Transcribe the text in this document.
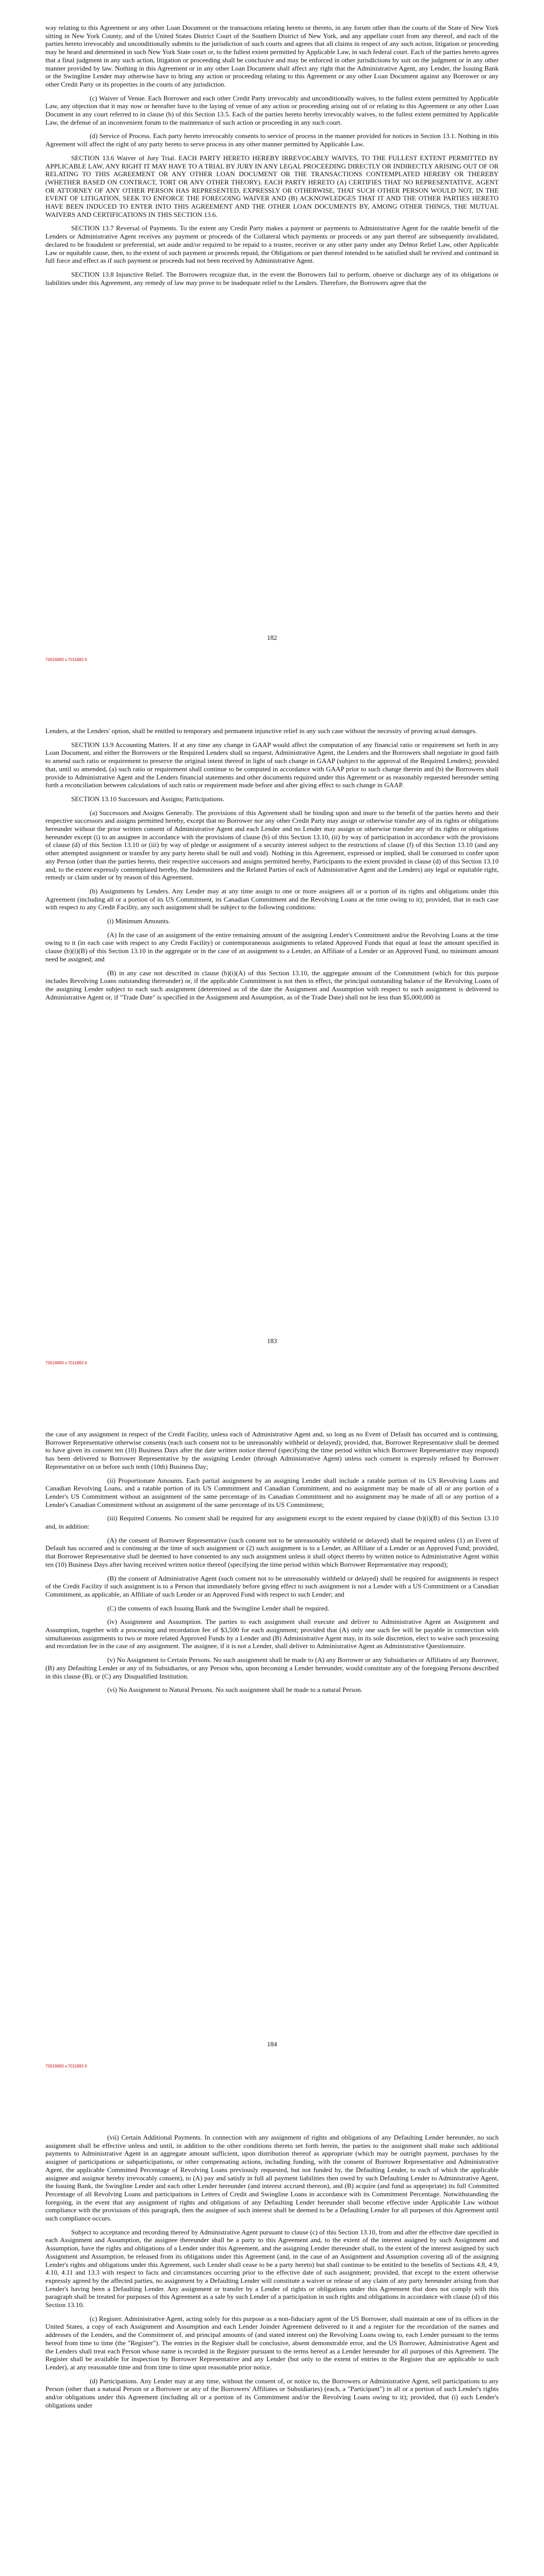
way relating to this Agreement or any other Loan Document or the transactions relating hereto or thereto, in any forum other than the courts of the State of New York sitting in New York County, and of the United States District Court of the Southern District of New York, and any appellate court from any thereof, and each of the parties hereto irrevocably and unconditionally submits to the jurisdiction of such courts and agrees that all claims in respect of any such action, litigation or proceeding may be heard and determined in such New York State court or, to the fullest extent permitted by Applicable Law, in such federal court. Each of the parties hereto agrees that a final judgment in any such action, litigation or proceeding shall be conclusive and may be enforced in other jurisdictions by suit on the judgment or in any other manner provided by law. Nothing in this Agreement or in any other Loan Document shall affect any right that the Administrative Agent, any Lender, the Issuing Bank or the Swingline Lender may otherwise have to bring any action or proceeding relating to this Agreement or any other Loan Document against any Borrower or any other Credit Party or its properties in the courts of any jurisdiction.

(c) Waiver of Venue. Each Borrower and each other Credit Party irrevocably and unconditionally waives, to the fullest extent permitted by Applicable Law, any objection that it may now or hereafter have to the laying of venue of any action or proceeding arising out of or relating to this Agreement or any other Loan Document in any court referred to in clause (b) of this Section 13.5. Each of the parties hereto hereby irrevocably waives, to the fullest extent permitted by Applicable Law, the defense of an inconvenient forum to the maintenance of such action or proceeding in any such court.

(d) Service of Process. Each party hereto irrevocably consents to service of process in the manner provided for notices in Section 13.1. Nothing in this Agreement will affect the right of any party hereto to serve process in any other manner permitted by Applicable Law.

SECTION 13.6 Waiver of Jury Trial. EACH PARTY HERETO HEREBY IRREVOCABLY WAIVES, TO THE FULLEST EXTENT PERMITTED BY APPLICABLE LAW, ANY RIGHT IT MAY HAVE TO A TRIAL BY JURY IN ANY LEGAL PROCEEDING DIRECTLY OR INDIRECTLY ARISING OUT OF OR RELATING TO THIS AGREEMENT OR ANY OTHER LOAN DOCUMENT OR THE TRANSACTIONS CONTEMPLATED HEREBY OR THEREBY (WHETHER BASED ON CONTRACT, TORT OR ANY OTHER THEORY). EACH PARTY HERETO (A) CERTIFIES THAT NO REPRESENTATIVE, AGENT OR ATTORNEY OF ANY OTHER PERSON HAS REPRESENTED, EXPRESSLY OR OTHERWISE, THAT SUCH OTHER PERSON WOULD NOT, IN THE EVENT OF LITIGATION, SEEK TO ENFORCE THE FOREGOING WAIVER AND (B) ACKNOWLEDGES THAT IT AND THE OTHER PARTIES HERETO HAVE BEEN INDUCED TO ENTER INTO THIS AGREEMENT AND THE OTHER LOAN DOCUMENTS BY, AMONG OTHER THINGS, THE MUTUAL WAIVERS AND CERTIFICATIONS IN THIS SECTION 13.6.

SECTION 13.7 Reversal of Payments. To the extent any Credit Party makes a payment or payments to Administrative Agent for the ratable benefit of the Lenders or Administrative Agent receives any payment or proceeds of the Collateral which payments or proceeds or any part thereof are subsequently invalidated, declared to be fraudulent or preferential, set aside and/or required to be repaid to a trustee, receiver or any other party under any Debtor Relief Law, other Applicable Law or equitable cause, then, to the extent of such payment or proceeds repaid, the Obligations or part thereof intended to be satisfied shall be revived and continued in full force and effect as if such payment or proceeds had not been received by Administrative Agent.

SECTION 13.8 Injunctive Relief. The Borrowers recognize that, in the event the Borrowers fail to perform, observe or discharge any of its obligations or liabilities under this Agreement, any remedy of law may prove to be inadequate relief to the Lenders. Therefore, the Borrowers agree that the

182
70016883 v.7011883 6

Lenders, at the Lenders' option, shall be entitled to temporary and permanent injunctive relief in any such case without the necessity of proving actual damages.

SECTION 13.9 Accounting Matters. If at any time any change in GAAP would affect the computation of any financial ratio or requirement set forth in any Loan Document, and either the Borrowers or the Required Lenders shall so request, Administrative Agent, the Lenders and the Borrowers shall negotiate in good faith to amend such ratio or requirement to preserve the original intent thereof in light of such change in GAAP (subject to the approval of the Required Lenders); provided that, until so amended, (a) such ratio or requirement shall continue to be computed in accordance with GAAP prior to such change therein and (b) the Borrowers shall provide to Administrative Agent and the Lenders financial statements and other documents required under this Agreement or as reasonably requested hereunder setting forth a reconciliation between calculations of such ratio or requirement made before and after giving effect to such change in GAAP.

SECTION 13.10 Successors and Assigns; Participations.

(a) Successors and Assigns Generally. The provisions of this Agreement shall be binding upon and inure to the benefit of the parties hereto and their respective successors and assigns permitted hereby, except that no Borrower nor any other Credit Party may assign or otherwise transfer any of its rights or obligations hereunder without the prior written consent of Administrative Agent and each Lender and no Lender may assign or otherwise transfer any of its rights or obligations hereunder except (i) to an assignee in accordance with the provisions of clause (b) of this Section 13.10, (ii) by way of participation in accordance with the provisions of clause (d) of this Section 13.10 or (iii) by way of pledge or assignment of a security interest subject to the restrictions of clause (f) of this Section 13.10 (and any other attempted assignment or transfer by any party hereto shall be null and void). Nothing in this Agreement, expressed or implied, shall be construed to confer upon any Person (other than the parties hereto, their respective successors and assigns permitted hereby, Participants to the extent provided in clause (d) of this Section 13.10 and, to the extent expressly contemplated hereby, the Indemnitees and the Related Parties of each of Administrative Agent and the Lenders) any legal or equitable right, remedy or claim under or by reason of this Agreement.

(b) Assignments by Lenders. Any Lender may at any time assign to one or more assignees all or a portion of its rights and obligations under this Agreement (including all or a portion of its US Commitment, its Canadian Commitment and the Revolving Loans at the time owing to it); provided, that in each case with respect to any Credit Facility, any such assignment shall be subject to the following conditions:

(i) Minimum Amounts.

(A) In the case of an assignment of the entire remaining amount of the assigning Lender's Commitment and/or the Revolving Loans at the time owing to it (in each case with respect to any Credit Facility) or contemporaneous assignments to related Approved Funds that equal at least the amount specified in clause (b)(i)(B) of this Section 13.10 in the aggregate or in the case of an assignment to a Lender, an Affiliate of a Lender or an Approved Fund, no minimum amount need be assigned; and

(B) in any case not described in clause (b)(i)(A) of this Section 13.10, the aggregate amount of the Commitment (which for this purpose includes Revolving Loans outstanding thereunder) or, if the applicable Commitment is not then in effect, the principal outstanding balance of the Revolving Loans of the assigning Lender subject to each such assignment (determined as of the date the Assignment and Assumption with respect to such assignment is delivered to Administrative Agent or, if "Trade Date" is specified in the Assignment and Assumption, as of the Trade Date) shall not be less than $5,000,000 in

183
70016883 v.7011883 6

the case of any assignment in respect of the Credit Facility, unless each of Administrative Agent and, so long as no Event of Default has occurred and is continuing, Borrower Representative otherwise consents (each such consent not to be unreasonably withheld or delayed); provided, that, Borrower Representative shall be deemed to have given its consent ten (10) Business Days after the date written notice thereof (specifying the time period within which Borrower Representative may respond) has been delivered to Borrower Representative by the assigning Lender (through Administrative Agent) unless such consent is expressly refused by Borrower Representative on or before such tenth (10th) Business Day;

(ii) Proportionate Amounts. Each partial assignment by an assigning Lender shall include a ratable portion of its US Revolving Loans and Canadian Revolving Loans, and a ratable portion of its US Commitment and Canadian Commitment, and no assignment may be made of all or any portion of a Lender's US Commitment without an assignment of the same percentage of its Canadian Commitment and no assignment may be made of all or any portion of a Lender's Canadian Commitment without an assignment of the same percentage of its US Commitment;

(iii) Required Consents. No consent shall be required for any assignment except to the extent required by clause (b)(i)(B) of this Section 13.10 and, in addition:

(A) the consent of Borrower Representative (such consent not to be unreasonably withheld or delayed) shall be required unless (1) an Event of Default has occurred and is continuing at the time of such assignment or (2) such assignment is to a Lender, an Affiliate of a Lender or an Approved Fund; provided, that Borrower Representative shall be deemed to have consented to any such assignment unless it shall object thereto by written notice to Administrative Agent within ten (10) Business Days after having received written notice thereof (specifying the time period within which Borrower Representative may respond);

(B) the consent of Administrative Agent (such consent not to be unreasonably withheld or delayed) shall be required for assignments in respect of the Credit Facility if such assignment is to a Person that immediately before giving effect to such assignment is not a Lender with a US Commitment or a Canadian Commitment, as applicable, an Affiliate of such Lender or an Approved Fund with respect to such Lender; and

(C) the consents of each Issuing Bank and the Swingline Lender shall be required.

(iv) Assignment and Assumption. The parties to each assignment shall execute and deliver to Administrative Agent an Assignment and Assumption, together with a processing and recordation fee of $3,500 for each assignment; provided that (A) only one such fee will be payable in connection with simultaneous assignments to two or more related Approved Funds by a Lender and (B) Administrative Agent may, in its sole discretion, elect to waive such processing and recordation fee in the case of any assignment. The assignee, if it is not a Lender, shall deliver to Administrative Agent an Administrative Questionnaire.

(v) No Assignment to Certain Persons. No such assignment shall be made to (A) any Borrower or any Subsidiaries or Affiliates of any Borrower, (B) any Defaulting Lender or any of its Subsidiaries, or any Person who, upon becoming a Lender hereunder, would constitute any of the foregoing Persons described in this clause (B), or (C) any Disqualified Institution.

(vi) No Assignment to Natural Persons. No such assignment shall be made to a natural Person.

184
70016883 v.7011883 6

(vii) Certain Additional Payments. In connection with any assignment of rights and obligations of any Defaulting Lender hereunder, no such assignment shall be effective unless and until, in addition to the other conditions thereto set forth herein, the parties to the assignment shall make such additional payments to Administrative Agent in an aggregate amount sufficient, upon distribution thereof as appropriate (which may be outright payment, purchases by the assignee of participations or subparticipations, or other compensating actions, including funding, with the consent of Borrower Representative and Administrative Agent, the applicable Committed Percentage of Revolving Loans previously requested, but not funded by, the Defaulting Lender, to each of which the applicable assignee and assignor hereby irrevocably consent), to (A) pay and satisfy in full all payment liabilities then owed by such Defaulting Lender to Administrative Agent, the Issuing Bank, the Swingline Lender and each other Lender hereunder (and interest accrued thereon), and (B) acquire (and fund as appropriate) its full Committed Percentage of all Revolving Loans and participations in Letters of Credit and Swingline Loans in accordance with its Commitment Percentage. Notwithstanding the foregoing, in the event that any assignment of rights and obligations of any Defaulting Lender hereunder shall become effective under Applicable Law without compliance with the provisions of this paragraph, then the assignee of such interest shall be deemed to be a Defaulting Lender for all purposes of this Agreement until such compliance occurs.

Subject to acceptance and recording thereof by Administrative Agent pursuant to clause (c) of this Section 13.10, from and after the effective date specified in each Assignment and Assumption, the assignee thereunder shall be a party to this Agreement and, to the extent of the interest assigned by such Assignment and Assumption, have the rights and obligations of a Lender under this Agreement, and the assigning Lender thereunder shall, to the extent of the interest assigned by such Assignment and Assumption, be released from its obligations under this Agreement (and, in the case of an Assignment and Assumption covering all of the assigning Lender's rights and obligations under this Agreement, such Lender shall cease to be a party hereto) but shall continue to be entitled to the benefits of Sections 4.8, 4.9, 4.10, 4.11 and 13.3 with respect to facts and circumstances occurring prior to the effective date of such assignment; provided, that except to the extent otherwise expressly agreed by the affected parties, no assignment by a Defaulting Lender will constitute a waiver or release of any claim of any party hereunder arising from that Lender's having been a Defaulting Lender. Any assignment or transfer by a Lender of rights or obligations under this Agreement that does not comply with this paragraph shall be treated for purposes of this Agreement as a sale by such Lender of a participation in such rights and obligations in accordance with clause (d) of this Section 13.10.

(c) Register. Administrative Agent, acting solely for this purpose as a non-fiduciary agent of the US Borrower, shall maintain at one of its offices in the United States, a copy of each Assignment and Assumption and each Lender Joinder Agreement delivered to it and a register for the recordation of the names and addresses of the Lenders, and the Commitment of, and principal amounts of (and stated interest on) the Revolving Loans owing to, each Lender pursuant to the terms hereof from time to time (the "Register"). The entries in the Register shall be conclusive, absent demonstrable error, and the US Borrower, Administrative Agent and the Lenders shall treat each Person whose name is recorded in the Register pursuant to the terms hereof as a Lender hereunder for all purposes of this Agreement. The Register shall be available for inspection by Borrower Representative and any Lender (but only to the extent of entries in the Register that are applicable to such Lender), at any reasonable time and from time to time upon reasonable prior notice.

(d) Participations. Any Lender may at any time, without the consent of, or notice to, the Borrowers or Administrative Agent, sell participations to any Person (other than a natural Person or a Borrower or any of the Borrowers' Affiliates or Subsidiaries) (each, a "Participant") in all or a portion of such Lender's rights and/or obligations under this Agreement (including all or a portion of its Commitment and/or the Revolving Loans owing to it); provided, that (i) such Lender's obligations under
